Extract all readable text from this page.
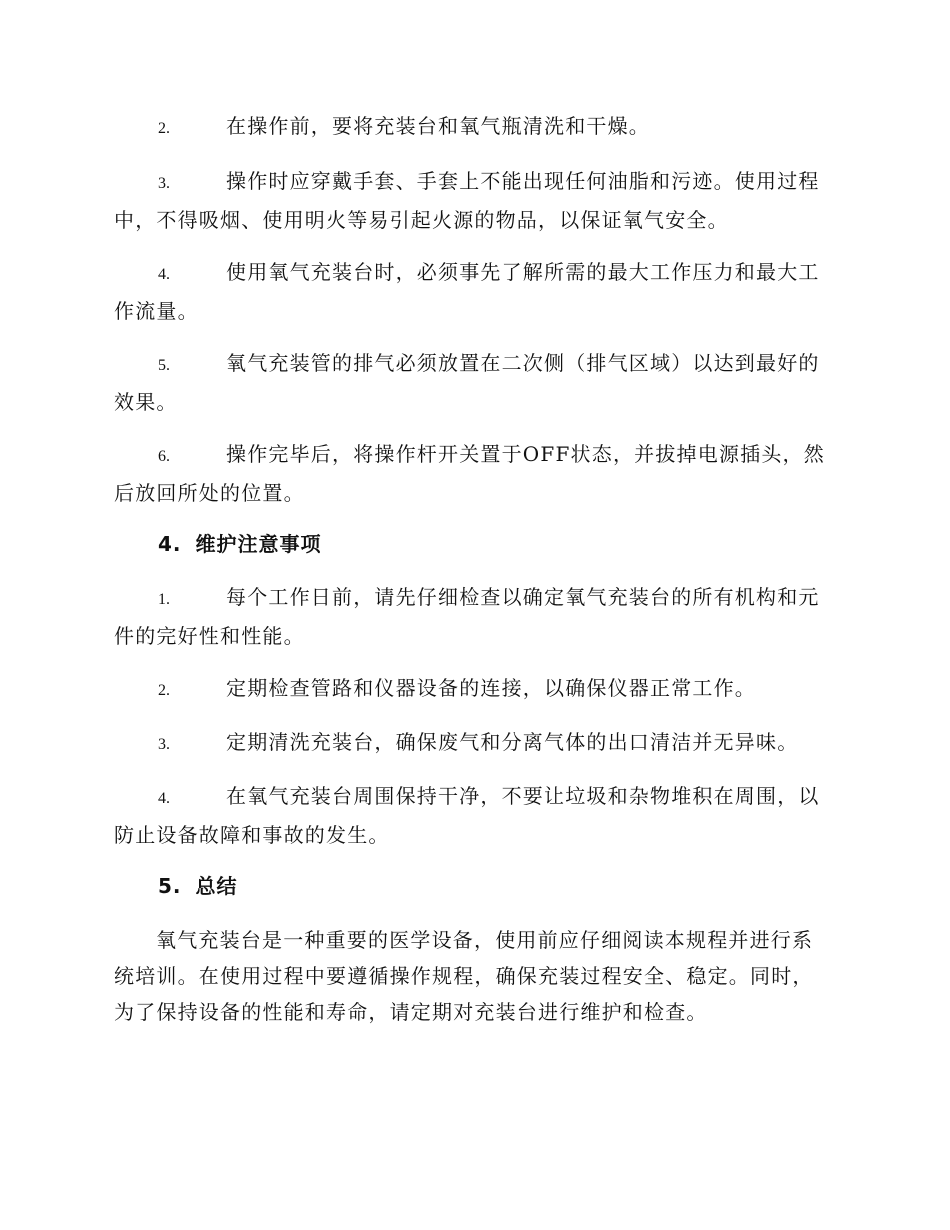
2.	在操作前，要将充装台和氧气瓶清洗和干燥。

3.	操作时应穿戴手套、手套上不能出现任何油脂和污迹。使用过程中，不得吸烟、使用明火等易引起火源的物品，以保证氧气安全。

4.	使用氧气充装台时，必须事先了解所需的最大工作压力和最大工作流量。

5.	氧气充装管的排气必须放置在二次侧（排气区域）以达到最好的效果。

6.	操作完毕后，将操作杆开关置于OFF状态，并拔掉电源插头，然后放回所处的位置。

4. 维护注意事项

1.	每个工作日前，请先仔细检查以确定氧气充装台的所有机构和元件的完好性和性能。

2.	定期检查管路和仪器设备的连接，以确保仪器正常工作。

3.	定期清洗充装台，确保废气和分离气体的出口清洁并无异味。

4.	在氧气充装台周围保持干净，不要让垃圾和杂物堆积在周围，以防止设备故障和事故的发生。

5. 总结

氧气充装台是一种重要的医学设备，使用前应仔细阅读本规程并进行系统培训。在使用过程中要遵循操作规程，确保充装过程安全、稳定。同时，为了保持设备的性能和寿命，请定期对充装台进行维护和检查。
